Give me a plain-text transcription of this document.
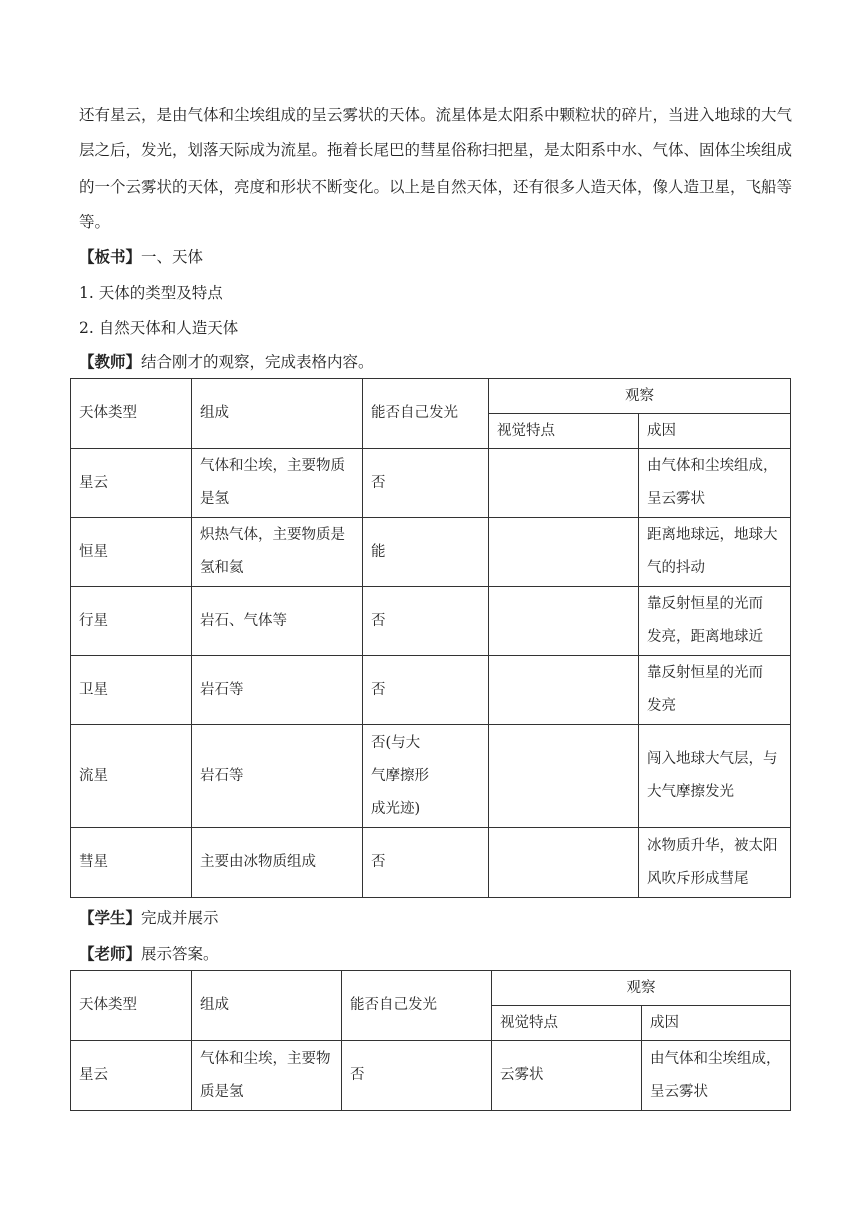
还有星云，是由气体和尘埃组成的呈云雾状的天体。流星体是太阳系中颗粒状的碎片，当进入地球的大气
层之后，发光，划落天际成为流星。拖着长尾巴的彗星俗称扫把星，是太阳系中水、气体、固体尘埃组成
的一个云雾状的天体，亮度和形状不断变化。以上是自然天体，还有很多人造天体，像人造卫星，飞船等
等。
【板书】一、天体
1. 天体的类型及特点
2. 自然天体和人造天体
【教师】结合刚才的观察，完成表格内容。
天体类型	组成	能否自己发光	观察	
			视觉特点	成因
星云	气体和尘埃，主要物质
是氢	否		由气体和尘埃组成，
呈云雾状

恒星	炽热气体，主要物质是
氢和氦	能		距离地球远，地球大
气的抖动

行星	岩石、气体等	否		靠反射恒星的光而
发亮，距离地球近

卫星	岩石等	否		靠反射恒星的光而
发亮

流星	岩石等	否(与大
气摩擦形
成光迹)		闯入地球大气层，与
大气摩擦发光

彗星	主要由冰物质组成	否		冰物质升华，被太阳
风吹斥形成彗尾
【学生】完成并展示
【老师】展示答案。
天体类型	组成	能否自己发光	观察	
			视觉特点	成因
星云	气体和尘埃，主要物
质是氢	否	云雾状	由气体和尘埃组成，
呈云雾状
